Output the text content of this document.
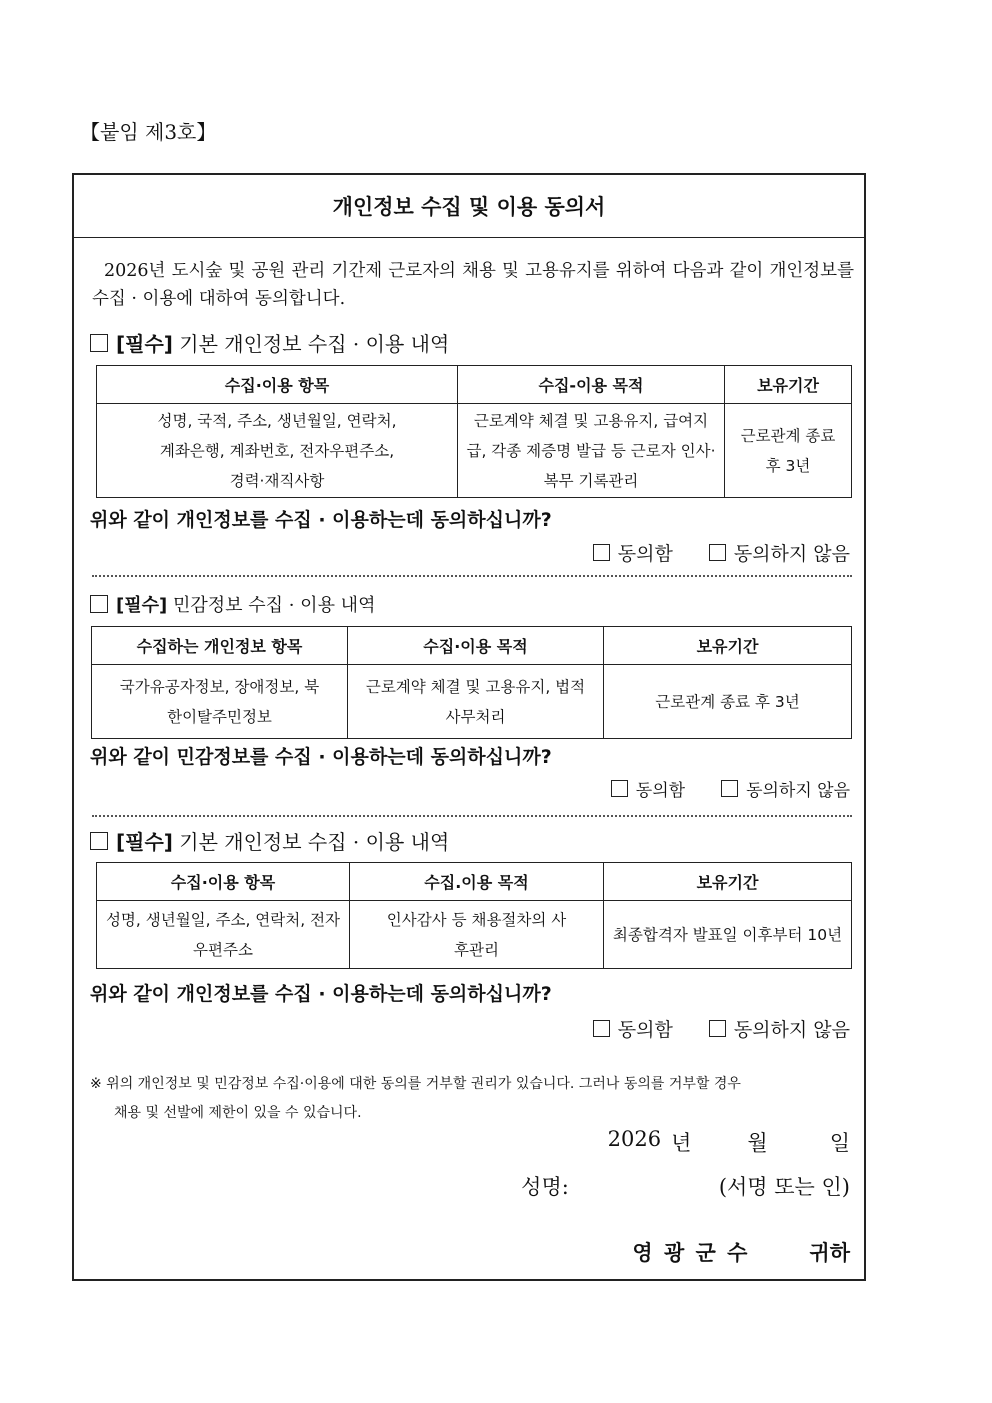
【붙임 제3호】
개인정보 수집 및 이용 동의서
2026년 도시숲 및 공원 관리 기간제 근로자의 채용 및 고용유지를 위하여 다음과 같이 개인정보를 수집 · 이용에 대하여 동의합니다.
[필수]
기본 개인정보 수집 · 이용 내역
수집·이용 항목	수집-이용 목적	보유기간
성명, 국적, 주소, 생년월일, 연락처, 계좌은행, 계좌번호, 전자우편주소, 경력·재직사항	근로계약 체결 및 고용유지, 급여지급, 각종 제증명 발급 등 근로자 인사·복무 기록관리	근로관계 종료 후 3년
위와 같이 개인정보를 수집 · 이용하는데 동의하십니까?
동의함	동의하지 않음
[필수]
민감정보 수집 · 이용 내역
수집하는 개인정보 항목	수집·이용 목적	보유기간
국가유공자정보, 장애정보, 북한이탈주민정보	근로계약 체결 및 고용유지, 법적사무처리	근로관계 종료 후 3년
위와 같이 민감정보를 수집 · 이용하는데 동의하십니까?
동의함	동의하지 않음
[필수]
기본 개인정보 수집 · 이용 내역
수집·이용 항목	수집.이용 목적	보유기간
성명, 생년월일, 주소, 연락처, 전자우편주소	인사감사 등 채용절차의 사후관리	최종합격자 발표일 이후부터 10년
위와 같이 개인정보를 수집 · 이용하는데 동의하십니까?
동의함	동의하지 않음
※ 위의 개인정보 및 민감정보 수집·이용에 대한 동의를 거부할 권리가 있습니다. 그러나 동의를 거부할 경우
채용 및 선발에 제한이 있을 수 있습니다.
2026 년	월	일
성명:	(서명 또는 인)
영 광 군 수	귀하
